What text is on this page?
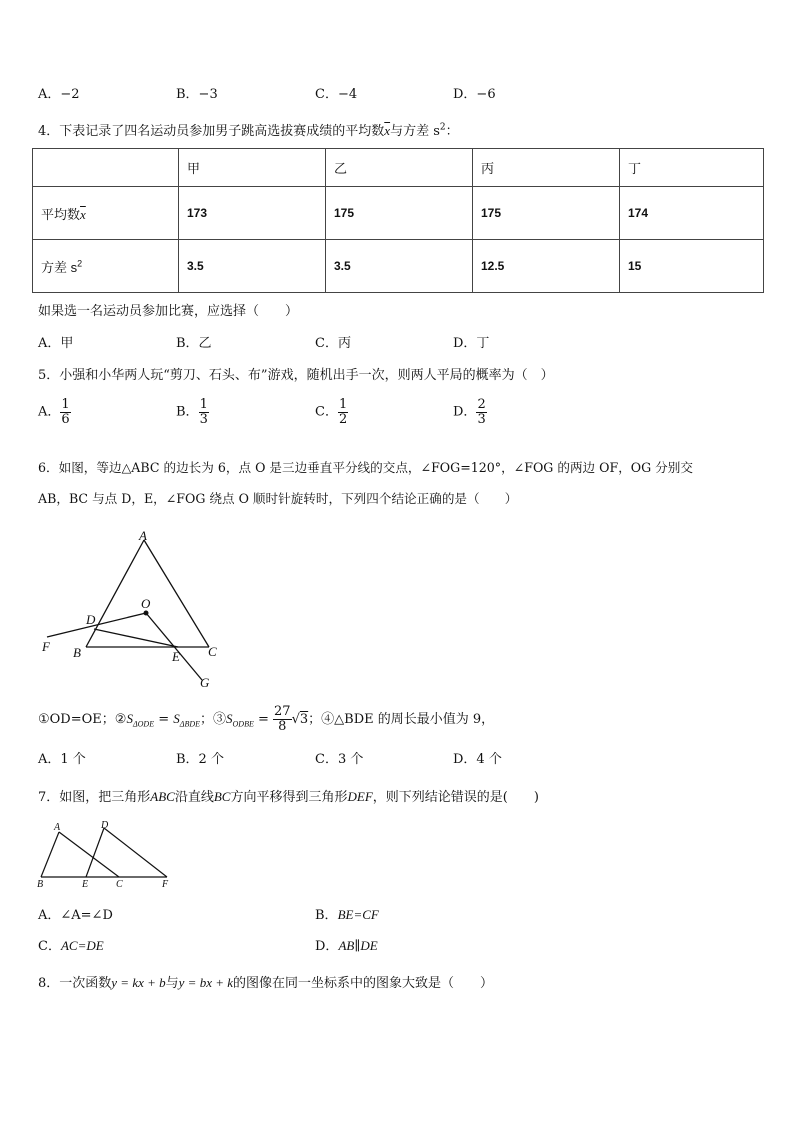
A．−2	B．−3	C．−4	D．−6
4．下表记录了四名运动员参加男子跳高选拔赛成绩的平均数$\overline{x}$与方差 $s^2$：
	甲	乙	丙	丁
平均数$\overline{x}$	173	175	175	174
方差 $s^2$	3.5	3.5	12.5	15
如果选一名运动员参加比赛，应选择（　　）
A．甲	B．乙	C．丙	D．丁
5．小强和小华两人玩“剪刀、石头、布”游戏，随机出手一次，则两人平局的概率为（　）
A． $\frac{1}{6}$	B． $\frac{1}{3}$	C． $\frac{1}{2}$	D． $\frac{2}{3}$
6．如图，等边△ABC 的边长为 6，点 O 是三边垂直平分线的交点，∠FOG=120°，∠FOG 的两边 OF，OG 分别交
AB，BC 与点 D，E，∠FOG 绕点 O 顺时针旋转时，下列四个结论正确的是（　　）
A
O
D
F B	E C
G
①OD=OE；$②S_{\Delta ODE} = S_{\Delta BDE}$；$③S_{ODBE} = \frac{27}{8} √3$；④△BDE 的周长最小值为 9，
A．1 个	B．2 个	C．3 个	D．4 个
7．如图，把三角形ABC沿直线BC方向平移得到三角形DEF，则下列结论错误的是(　　)
A	D
B	E	C	F
A．∠A=∠D	B．BE=CF
C．AC=DE	D．AB∥DE
8．一次函数y = kx + b与y = bx + k的图像在同一坐标系中的图象大致是（　　）
